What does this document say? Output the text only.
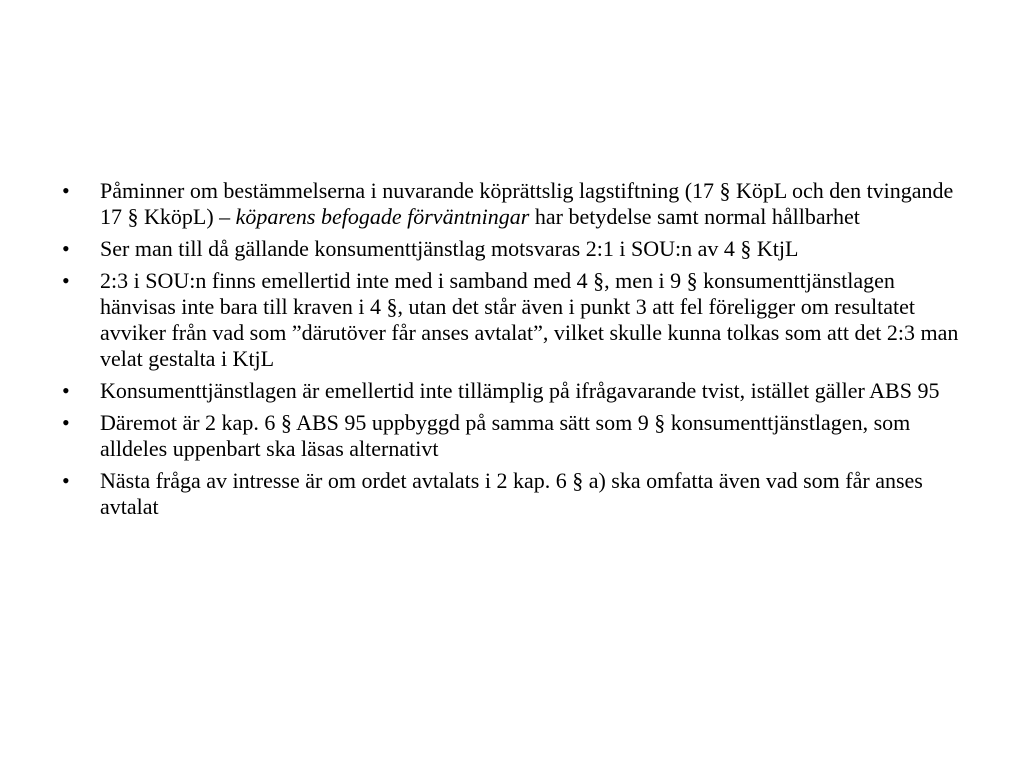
• Påminner om bestämmelserna i nuvarande köprättslig lagstiftning (17 § KöpL och den tvingande 17 § KköpL) – köparens befogade förväntningar har betydelse samt normal hållbarhet
• Ser man till då gällande konsumenttjänstlag motsvaras 2:1 i SOU:n av 4 § KtjL
• 2:3 i SOU:n finns emellertid inte med i samband med 4 §, men i 9 § konsumenttjänstlagen hänvisas inte bara till kraven i 4 §, utan det står även i punkt 3 att fel föreligger om resultatet avviker från vad som ”därutöver får anses avtalat”, vilket skulle kunna tolkas som att det 2:3 man velat gestalta i KtjL
• Konsumenttjänstlagen är emellertid inte tillämplig på ifrågavarande tvist, istället gäller ABS 95
• Däremot är 2 kap. 6 § ABS 95 uppbyggd på samma sätt som 9 § konsumenttjänstlagen, som alldeles uppenbart ska läsas alternativt
• Nästa fråga av intresse är om ordet avtalats i 2 kap. 6 § a) ska omfatta även vad som får anses avtalat
